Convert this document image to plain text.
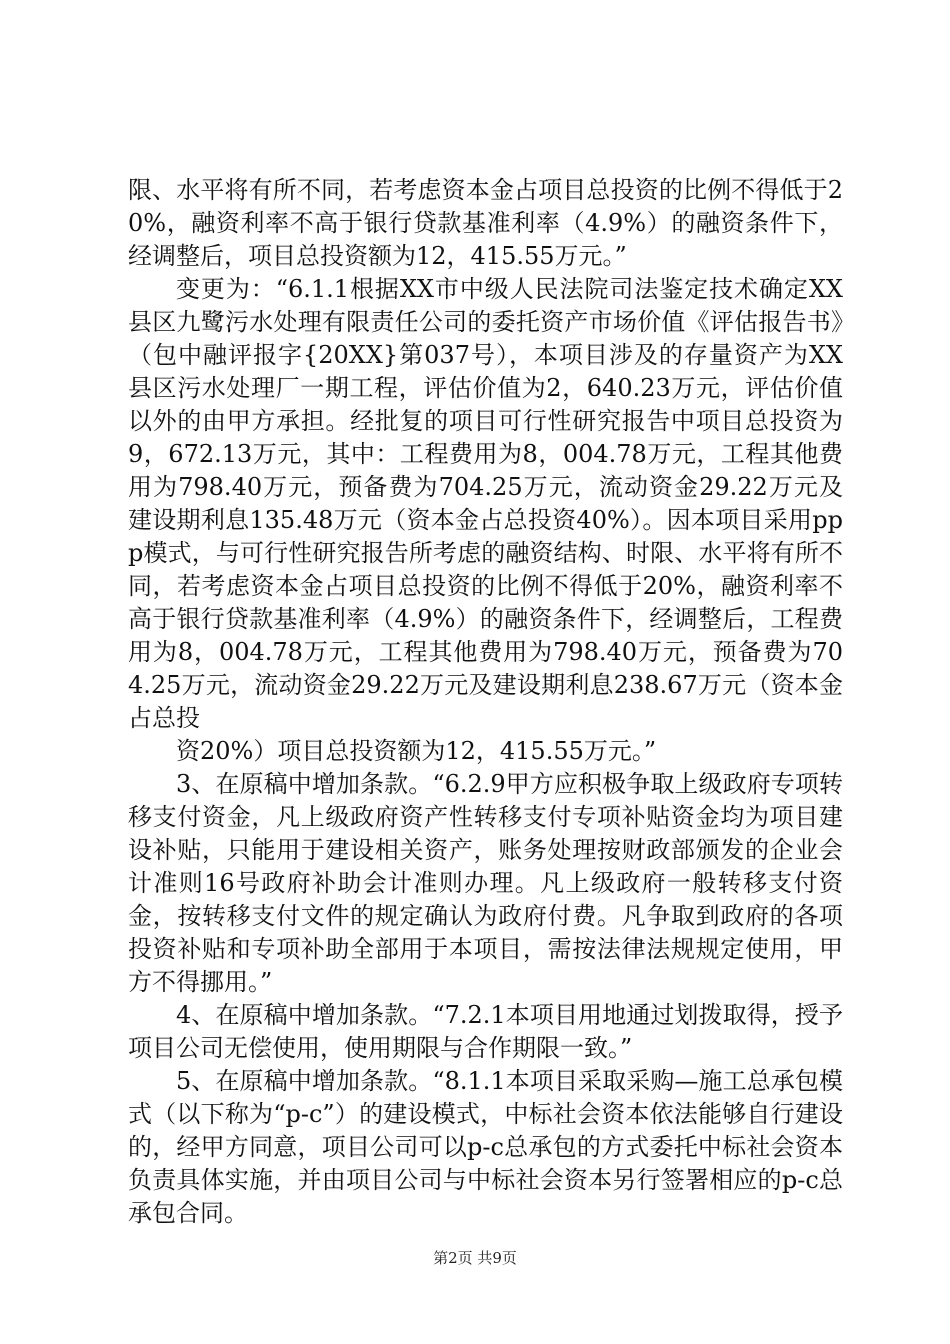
限、水平将有所不同，若考虑资本金占项目总投资的比例不得低于20%，融资利率不高于银行贷款基准利率（4.9%）的融资条件下，经调整后，项目总投资额为12，415.55万元。”

变更为：“6.1.1根据XX市中级人民法院司法鉴定技术确定XX县区九鹭污水处理有限责任公司的委托资产市场价值《评估报告书》（包中融评报字{20XX}第037号），本项目涉及的存量资产为XX县区污水处理厂一期工程，评估价值为2，640.23万元，评估价值以外的由甲方承担。经批复的项目可行性研究报告中项目总投资为9，672.13万元，其中：工程费用为8，004.78万元，工程其他费用为798.40万元，预备费为704.25万元，流动资金29.22万元及建设期利息135.48万元（资本金占总投资40%）。因本项目采用ppp模式，与可行性研究报告所考虑的融资结构、时限、水平将有所不同，若考虑资本金占项目总投资的比例不得低于20%，融资利率不高于银行贷款基准利率（4.9%）的融资条件下，经调整后，工程费用为8，004.78万元，工程其他费用为798.40万元，预备费为704.25万元，流动资金29.22万元及建设期利息238.67万元（资本金占总投

资20%）项目总投资额为12，415.55万元。”

3、在原稿中增加条款。“6.2.9甲方应积极争取上级政府专项转移支付资金，凡上级政府资产性转移支付专项补贴资金均为项目建设补贴，只能用于建设相关资产，账务处理按财政部颁发的企业会计准则16号政府补助会计准则办理。凡上级政府一般转移支付资金，按转移支付文件的规定确认为政府付费。凡争取到政府的各项投资补贴和专项补助全部用于本项目，需按法律法规规定使用，甲方不得挪用。”

4、在原稿中增加条款。“7.2.1本项目用地通过划拨取得，授予项目公司无偿使用，使用期限与合作期限一致。”

5、在原稿中增加条款。“8.1.1本项目采取采购—施工总承包模式（以下称为“p-c”）的建设模式，中标社会资本依法能够自行建设的，经甲方同意，项目公司可以p-c总承包的方式委托中标社会资本负责具体实施，并由项目公司与中标社会资本另行签署相应的p-c总承包合同。

第2页 共9页
